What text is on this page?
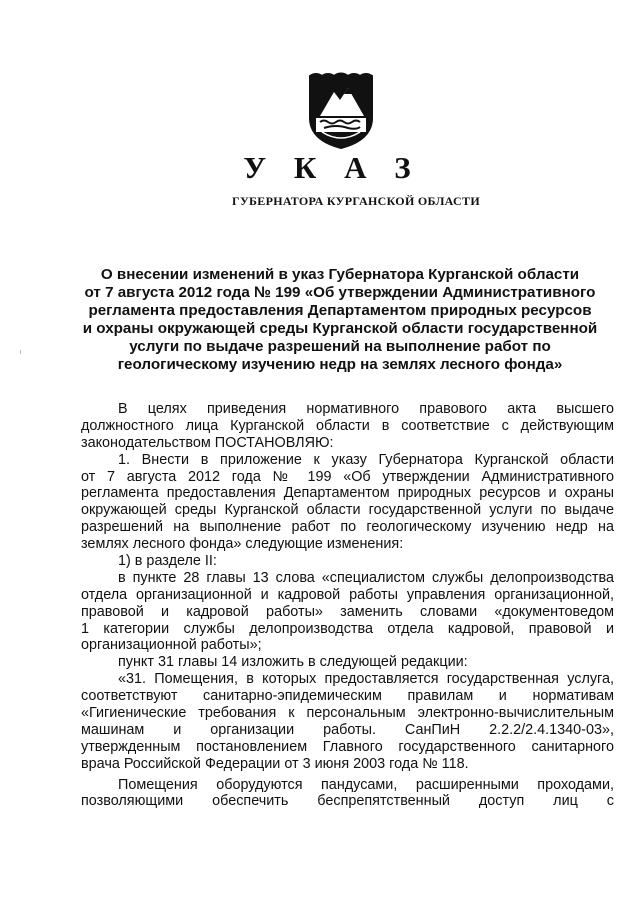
У К А З
ГУБЕРНАТОРА КУРГАНСКОЙ ОБЛАСТИ
О внесении изменений в указ Губернатора Курганской области
от 7 августа 2012 года № 199 «Об утверждении Административного
регламента предоставления Департаментом природных ресурсов
и охраны окружающей среды Курганской области государственной
услуги по выдаче разрешений на выполнение работ по
геологическому изучению недр на землях лесного фонда»
В целях приведения нормативного правового акта высшего
должностного лица Курганской области в соответствие с действующим
законодательством ПОСТАНОВЛЯЮ:
1. Внести в приложение к указу Губернатора Курганской области
от 7 августа 2012 года № 199 «Об утверждении Административного
регламента предоставления Департаментом природных ресурсов и охраны
окружающей среды Курганской области государственной услуги по выдаче
разрешений на выполнение работ по геологическому изучению недр на
землях лесного фонда» следующие изменения:
1) в разделе II:
в пункте 28 главы 13 слова «специалистом службы делопроизводства
отдела организационной и кадровой работы управления организационной,
правовой и кадровой работы» заменить словами «документоведом
1 категории службы делопроизводства отдела кадровой, правовой и
организационной работы»;
пункт 31 главы 14 изложить в следующей редакции:
«31. Помещения, в которых предоставляется государственная услуга,
соответствуют санитарно-эпидемическим правилам и нормативам
«Гигиенические требования к персональным электронно-вычислительным
машинам и организации работы. СанПиН 2.2.2/2.4.1340-03»,
утвержденным постановлением Главного государственного санитарного
врача Российской Федерации от 3 июня 2003 года № 118.
Помещения оборудуются пандусами, расширенными проходами,
позволяющими обеспечить беспрепятственный доступ лиц с
